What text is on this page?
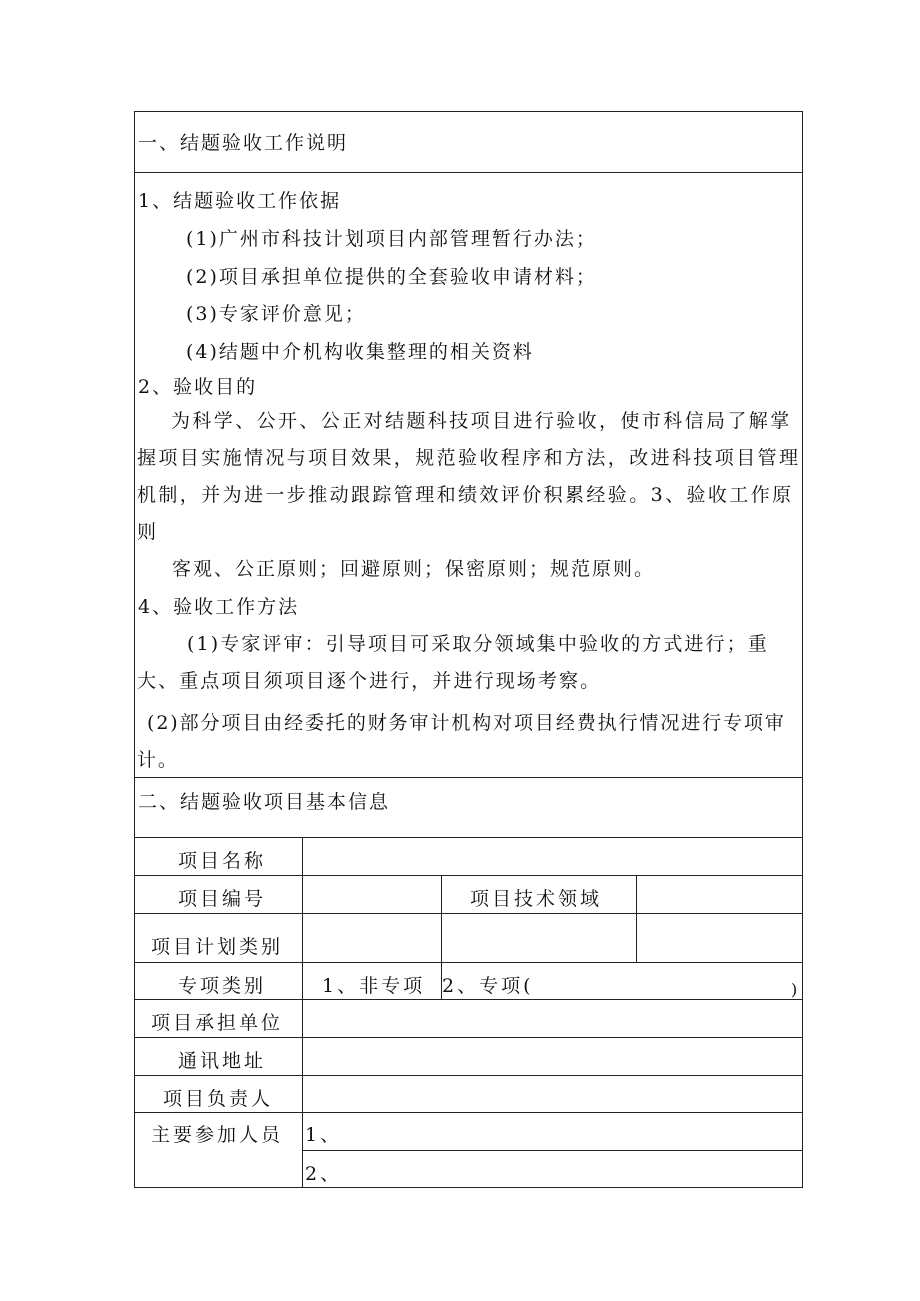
一、结题验收工作说明
1、结题验收工作依据
(1)广州市科技计划项目内部管理暂行办法；
(2)项目承担单位提供的全套验收申请材料；
(3)专家评价意见；
(4)结题中介机构收集整理的相关资料
2、验收目的
为科学、公开、公正对结题科技项目进行验收，使市科信局了解掌握项目实施情况与项目效果，规范验收程序和方法，改进科技项目管理机制，并为进一步推动跟踪管理和绩效评价积累经验。3、验收工作原则
客观、公正原则；回避原则；保密原则；规范原则。
4、验收工作方法
(1)专家评审：引导项目可采取分领域集中验收的方式进行；重大、重点项目须项目逐个进行，并进行现场考察。
(2)部分项目由经委托的财务审计机构对项目经费执行情况进行专项审计。
二、结题验收项目基本信息
项目名称
项目编号	项目技术领域
项目计划类别
专项类别	1、非专项 2、专项(	)
项目承担单位
通讯地址
项目负责人
主要参加人员 1、
2、
